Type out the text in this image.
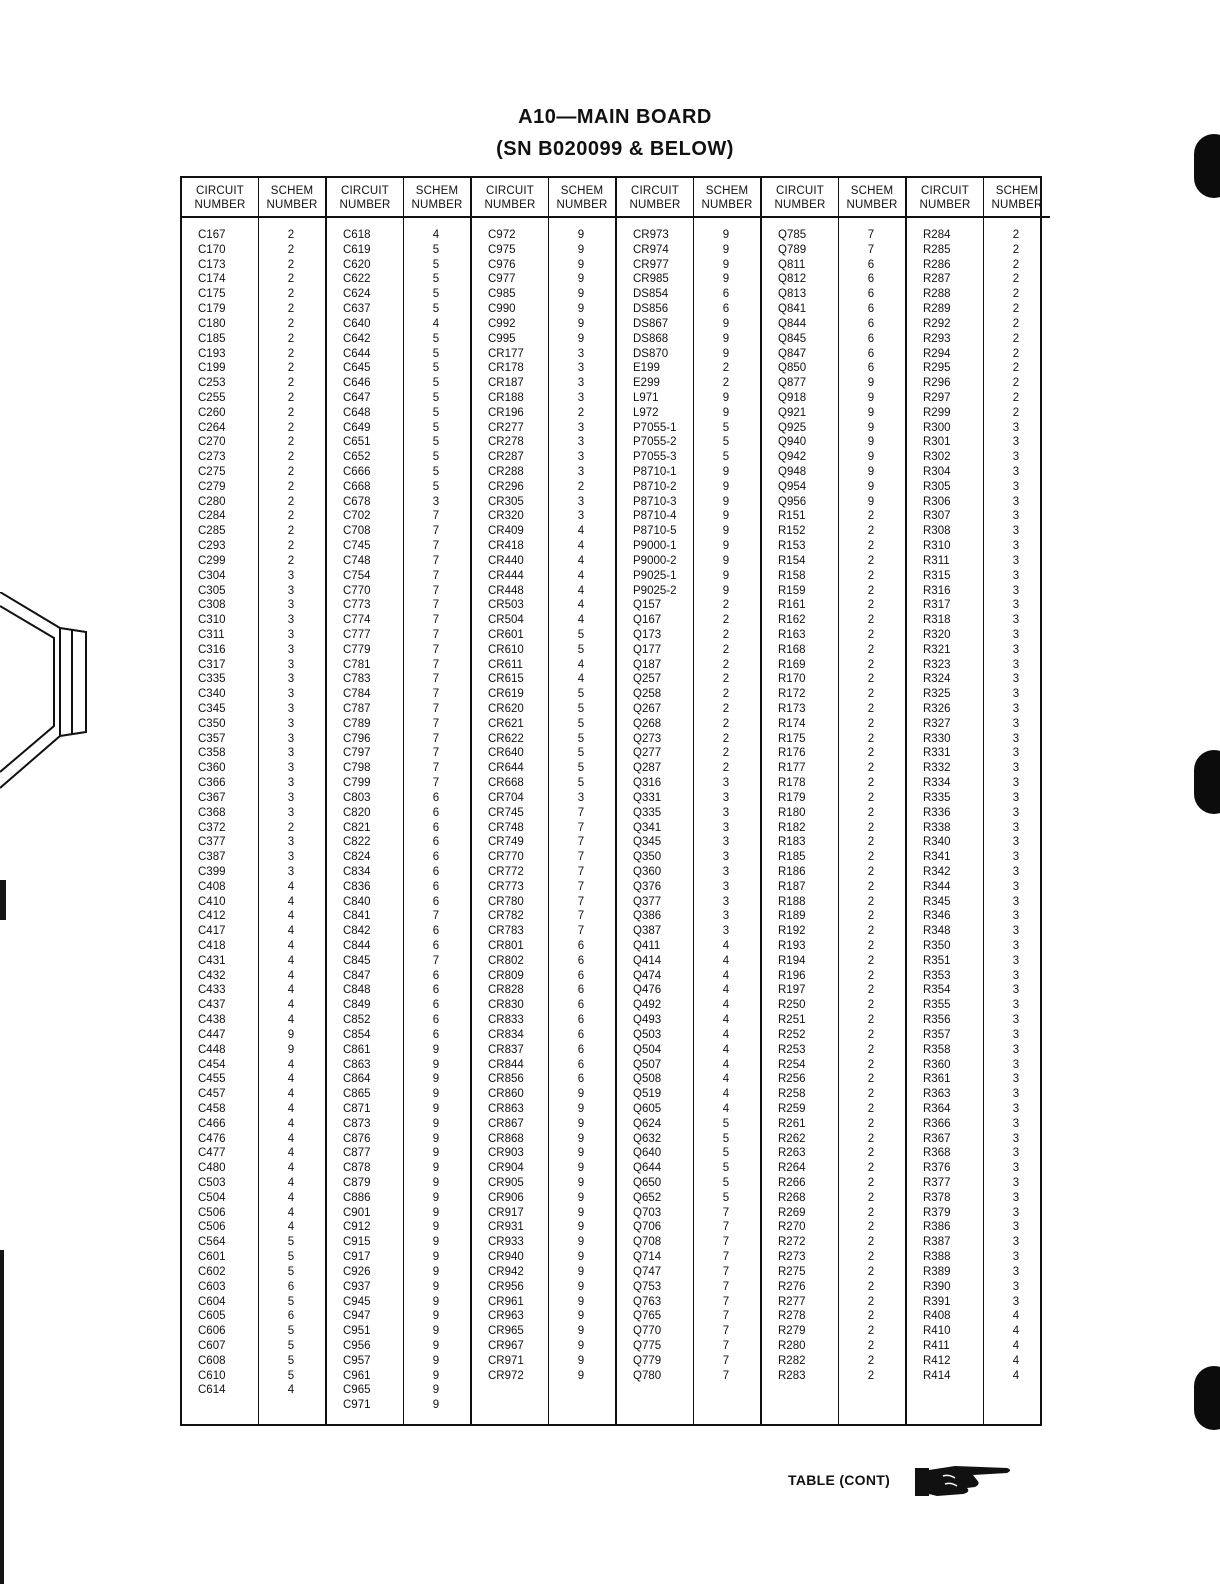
A10—MAIN BOARD
(SN B020099 & BELOW)
CIRCUIT
NUMBER
C167
C170
C173
C174
C175
C179
C180
C185
C193
C199
C253
C255
C260
C264
C270
C273
C275
C279
C280
C284
C285
C293
C299
C304
C305
C308
C310
C311
C316
C317
C335
C340
C345
C350
C357
C358
C360
C366
C367
C368
C372
C377
C387
C399
C408
C410
C412
C417
C418
C431
C432
C433
C437
C438
C447
C448
C454
C455
C457
C458
C466
C476
C477
C480
C503
C504
C506
C506
C564
C601
C602
C603
C604
C605
C606
C607
C608
C610
C614
SCHEM
NUMBER
2
2
2
2
2
2
2
2
2
2
2
2
2
2
2
2
2
2
2
2
2
2
2
3
3
3
3
3
3
3
3
3
3
3
3
3
3
3
3
3
2
3
3
3
4
4
4
4
4
4
4
4
4
4
9
9
4
4
4
4
4
4
4
4
4
4
4
4
5
5
5
6
5
6
5
5
5
5
4
CIRCUIT
NUMBER
C618
C619
C620
C622
C624
C637
C640
C642
C644
C645
C646
C647
C648
C649
C651
C652
C666
C668
C678
C702
C708
C745
C748
C754
C770
C773
C774
C777
C779
C781
C783
C784
C787
C789
C796
C797
C798
C799
C803
C820
C821
C822
C824
C834
C836
C840
C841
C842
C844
C845
C847
C848
C849
C852
C854
C861
C863
C864
C865
C871
C873
C876
C877
C878
C879
C886
C901
C912
C915
C917
C926
C937
C945
C947
C951
C956
C957
C961
C965
C971
SCHEM
NUMBER
4
5
5
5
5
5
4
5
5
5
5
5
5
5
5
5
5
5
3
7
7
7
7
7
7
7
7
7
7
7
7
7
7
7
7
7
7
7
6
6
6
6
6
6
6
6
7
6
6
7
6
6
6
6
6
9
9
9
9
9
9
9
9
9
9
9
9
9
9
9
9
9
9
9
9
9
9
9
9
9
CIRCUIT
NUMBER
C972
C975
C976
C977
C985
C990
C992
C995
CR177
CR178
CR187
CR188
CR196
CR277
CR278
CR287
CR288
CR296
CR305
CR320
CR409
CR418
CR440
CR444
CR448
CR503
CR504
CR601
CR610
CR611
CR615
CR619
CR620
CR621
CR622
CR640
CR644
CR668
CR704
CR745
CR748
CR749
CR770
CR772
CR773
CR780
CR782
CR783
CR801
CR802
CR809
CR828
CR830
CR833
CR834
CR837
CR844
CR856
CR860
CR863
CR867
CR868
CR903
CR904
CR905
CR906
CR917
CR931
CR933
CR940
CR942
CR956
CR961
CR963
CR965
CR967
CR971
CR972
SCHEM
NUMBER
9
9
9
9
9
9
9
9
3
3
3
3
2
3
3
3
3
2
3
3
4
4
4
4
4
4
4
5
5
4
4
5
5
5
5
5
5
5
3
7
7
7
7
7
7
7
7
7
6
6
6
6
6
6
6
6
6
6
9
9
9
9
9
9
9
9
9
9
9
9
9
9
9
9
9
9
9
9
CIRCUIT
NUMBER
CR973
CR974
CR977
CR985
DS854
DS856
DS867
DS868
DS870
E199
E299
L971
L972
P7055-1
P7055-2
P7055-3
P8710-1
P8710-2
P8710-3
P8710-4
P8710-5
P9000-1
P9000-2
P9025-1
P9025-2
Q157
Q167
Q173
Q177
Q187
Q257
Q258
Q267
Q268
Q273
Q277
Q287
Q316
Q331
Q335
Q341
Q345
Q350
Q360
Q376
Q377
Q386
Q387
Q411
Q414
Q474
Q476
Q492
Q493
Q503
Q504
Q507
Q508
Q519
Q605
Q624
Q632
Q640
Q644
Q650
Q652
Q703
Q706
Q708
Q714
Q747
Q753
Q763
Q765
Q770
Q775
Q779
Q780
SCHEM
NUMBER
9
9
9
9
6
6
9
9
9
2
2
9
9
5
5
5
9
9
9
9
9
9
9
9
9
2
2
2
2
2
2
2
2
2
2
2
2
3
3
3
3
3
3
3
3
3
3
3
4
4
4
4
4
4
4
4
4
4
4
4
5
5
5
5
5
5
7
7
7
7
7
7
7
7
7
7
7
7
CIRCUIT
NUMBER
Q785
Q789
Q811
Q812
Q813
Q841
Q844
Q845
Q847
Q850
Q877
Q918
Q921
Q925
Q940
Q942
Q948
Q954
Q956
R151
R152
R153
R154
R158
R159
R161
R162
R163
R168
R169
R170
R172
R173
R174
R175
R176
R177
R178
R179
R180
R182
R183
R185
R186
R187
R188
R189
R192
R193
R194
R196
R197
R250
R251
R252
R253
R254
R256
R258
R259
R261
R262
R263
R264
R266
R268
R269
R270
R272
R273
R275
R276
R277
R278
R279
R280
R282
R283
SCHEM
NUMBER
7
7
6
6
6
6
6
6
6
6
9
9
9
9
9
9
9
9
9
2
2
2
2
2
2
2
2
2
2
2
2
2
2
2
2
2
2
2
2
2
2
2
2
2
2
2
2
2
2
2
2
2
2
2
2
2
2
2
2
2
2
2
2
2
2
2
2
2
2
2
2
2
2
2
2
2
2
2
CIRCUIT
NUMBER
R284
R285
R286
R287
R288
R289
R292
R293
R294
R295
R296
R297
R299
R300
R301
R302
R304
R305
R306
R307
R308
R310
R311
R315
R316
R317
R318
R320
R321
R323
R324
R325
R326
R327
R330
R331
R332
R334
R335
R336
R338
R340
R341
R342
R344
R345
R346
R348
R350
R351
R353
R354
R355
R356
R357
R358
R360
R361
R363
R364
R366
R367
R368
R376
R377
R378
R379
R386
R387
R388
R389
R390
R391
R408
R410
R411
R412
R414
SCHEM
NUMBER
2
2
2
2
2
2
2
2
2
2
2
2
2
3
3
3
3
3
3
3
3
3
3
3
3
3
3
3
3
3
3
3
3
3
3
3
3
3
3
3
3
3
3
3
3
3
3
3
3
3
3
3
3
3
3
3
3
3
3
3
3
3
3
3
3
3
3
3
3
3
3
3
3
4
4
4
4
4
TABLE (CONT)
